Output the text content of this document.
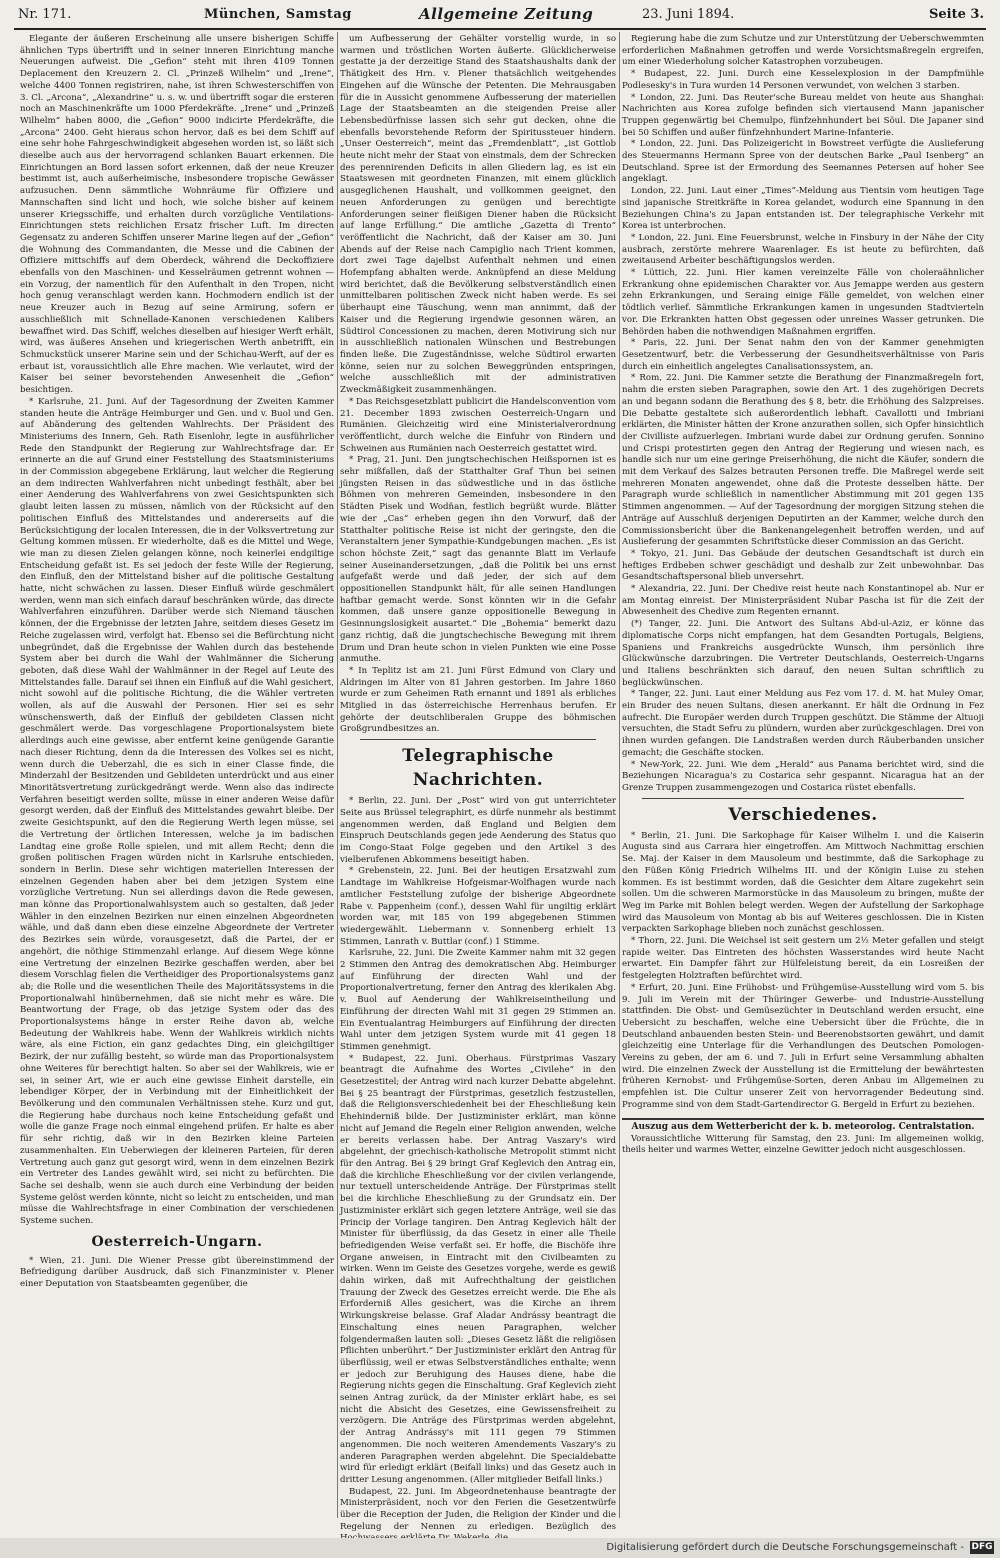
Nr. 171.	München, Samstag	Allgemeine Zeitung	23. Juni 1894.	Seite 3.

Elegante der äußeren Erscheinung alle unsere bisherigen Schiffe ähnlichen Typs übertrifft und in seiner inneren Einrichtung manche Neuerungen aufweist. Die „Gefion“ steht mit ihren 4109 Tonnen Deplacement den Kreuzern 2. Cl. „Prinzeß Wilhelm“ und „Irene“, welche 4400 Tonnen registriren, nahe, ist ihren Schwesterschiffen von 3. Cl. „Arcona“, „Alexandrine“ u. s. w. und übertrifft sogar die ersteren noch an Maschinenkräfte um 1000 Pferdekräfte. „Irene“ und „Prinzeß Wilhelm“ haben 8000, die „Gefion“ 9000 indicirte Pferdekräfte, die „Arcona“ 2400. Geht hieraus schon hervor, daß es bei dem Schiff auf eine sehr hohe Fahrgeschwindigkeit abgesehen worden ist, so läßt sich dieselbe auch aus der hervorragend schlanken Bauart erkennen. Die Einrichtungen an Bord lassen sofort erkennen, daß der neue Kreuzer bestimmt ist, auch außerheimische, insbesondere tropische Gewässer aufzusuchen. Denn sämmtliche Wohnräume für Offiziere und Mannschaften sind licht und hoch, wie solche bisher auf keinem unserer Kriegsschiffe, und erhalten durch vorzügliche Ventilations-Einrichtungen stets reichlichen Ersatz frischer Luft. Im directen Gegensatz zu anderen Schiffen unserer Marine liegen auf der „Gefion“ die Wohnung des Commandanten, die Messe und die Cabinen der Offiziere mittschiffs auf dem Oberdeck, während die Deckoffiziere ebenfalls von den Maschinen- und Kesselräumen getrennt wohnen — ein Vorzug, der namentlich für den Aufenthalt in den Tropen, nicht hoch genug veranschlagt werden kann. Hochmodern endlich ist der neue Kreuzer auch in Bezug auf seine Armirung, sofern er ausschließlich mit Schnellade-Kanonen verschiedenen Kalibers bewaffnet wird. Das Schiff, welches dieselben auf hiesiger Werft erhält, wird, was äußeres Ansehen und kriegerischen Werth anbetrifft, ein Schmuckstück unserer Marine sein und der Schichau-Werft, auf der es erbaut ist, voraussichtlich alle Ehre machen. Wie verlautet, wird der Kaiser bei seiner bevorstehenden Anwesenheit die „Gefion“ besichtigen.

* Karlsruhe, 21. Juni. Auf der Tagesordnung der Zweiten Kammer standen heute die Anträge Heimburger und Gen. und v. Buol und Gen. auf Abänderung des geltenden Wahlrechts. Der Präsident des Ministeriums des Innern, Geh. Rath Eisenlohr, legte in ausführlicher Rede den Standpunkt der Regierung zur Wahlrechtsfrage dar. Er erinnerte an die auf Grund einer Feststellung des Staatsministeriums in der Commission abgegebene Erklärung, laut welcher die Regierung an dem indirecten Wahlverfahren nicht unbedingt festhält, aber bei einer Aenderung des Wahlverfahrens von zwei Gesichtspunkten sich glaubt leiten lassen zu müssen, nämlich von der Rücksicht auf den politischen Einfluß des Mittelstandes und andererseits auf die Berücksichtigung der localen Interessen, die in der Volksvertretung zur Geltung kommen müssen. Er wiederholte, daß es die Mittel und Wege, wie man zu diesen Zielen gelangen könne, noch keinerlei endgiltige Entscheidung gefaßt ist. Es sei jedoch der feste Wille der Regierung, den Einfluß, den der Mittelstand bisher auf die politische Gestaltung hatte, nicht schwächen zu lassen. Dieser Einfluß würde geschmälert werden, wenn man sich einfach darauf beschränken würde, das directe Wahlverfahren einzuführen. Darüber werde sich Niemand täuschen können, der die Ergebnisse der letzten Jahre, seitdem dieses Gesetz im Reiche zugelassen wird, verfolgt hat. Ebenso sei die Befürchtung nicht unbegründet, daß die Ergebnisse der Wahlen durch das bestehende System aber bei durch die Wahl der Wahlmänner die Sicherung geboten, daß diese Wahl der Wahlmänner in der Regel auf Leute des Mittelstandes falle. Darauf sei ihnen ein Einfluß auf die Wahl gesichert, nicht sowohl auf die politische Richtung, die die Wähler vertreten wollen, als auf die Auswahl der Personen. Hier sei es sehr wünschenswerth, daß der Einfluß der gebildeten Classen nicht geschmälert werde. Das vorgeschlagene Proportionalsystem biete allerdings auch eine gewisse, aber entfernt keine genügende Garantie nach dieser Richtung, denn da die Interessen des Volkes sei es nicht, wenn durch die Ueberzahl, die es sich in einer Classe finde, die Minderzahl der Besitzenden und Gebildeten unterdrückt und aus einer Minoritätsvertretung zurückgedrängt werde. Wenn also das indirecte Verfahren beseitigt werden sollte, müsse in einer anderen Weise dafür gesorgt werden, daß der Einfluß des Mittelstandes gewahrt bleibe. Der zweite Gesichtspunkt, auf den die Regierung Werth legen müsse, sei die Vertretung der örtlichen Interessen, welche ja im badischen Landtag eine große Rolle spielen, und mit allem Recht; denn die großen politischen Fragen würden nicht in Karlsruhe entschieden, sondern in Berlin. Diese sehr wichtigen materiellen Interessen der einzelnen Gegenden haben aber bei dem jetzigen System eine vorzügliche Vertretung. Nun sei allerdings davon die Rede gewesen, man könne das Proportionalwahlsystem auch so gestalten, daß jeder Wähler in den einzelnen Bezirken nur einen einzelnen Abgeordneten wähle, und daß dann eben diese einzelne Abgeordnete der Vertreter des Bezirkes sein würde, vorausgesetzt, daß die Partei, der er angehört, die nöthige Stimmenzahl erlange. Auf diesem Wege könne eine Vertretung der einzelnen Bezirke geschaffen werden, aber bei diesem Vorschlag fielen die Vertheidiger des Proportionalsystems ganz ab; die Rolle und die wesentlichen Theile des Majoritätssystems in die Proportionalwahl hinübernehmen, daß sie nicht mehr es wäre. Die Beantwortung der Frage, ob das jetzige System oder das des Proportionalsystems hänge in erster Reihe davon ab, welche Bedeutung der Wahlkreis habe. Wenn der Wahlkreis wirklich nichts wäre, als eine Fiction, ein ganz gedachtes Ding, ein gleichgiltiger Bezirk, der nur zufällig besteht, so würde man das Proportionalsystem ohne Weiteres für berechtigt halten. So aber sei der Wahlkreis, wie er sei, in seiner Art, wie er auch eine gewisse Einheit darstelle, ein lebendiger Körper, der in Verbindung mit der Einheitlichkeit der Bevölkerung und den communalen Verhältnissen stehe. Kurz und gut, die Regierung habe durchaus noch keine Entscheidung gefaßt und wolle die ganze Frage noch einmal eingehend prüfen. Er halte es aber für sehr richtig, daß wir in den Bezirken kleine Parteien zusammenhalten. Ein Ueberwiegen der kleineren Parteien, für deren Vertretung auch ganz gut gesorgt wird, wenn in dem einzelnen Bezirk ein Vertreter des Landes gewählt wird, sei nicht zu befürchten. Die Sache sei deshalb, wenn sie auch durch eine Verbindung der beiden Systeme gelöst werden könnte, nicht so leicht zu entscheiden, und man müsse die Wahlrechtsfrage in einer Combination der verschiedenen Systeme suchen.

Oesterreich-Ungarn.

* Wien, 21. Juni. Die Wiener Presse gibt übereinstimmend der Befriedigung darüber Ausdruck, daß sich Finanzminister v. Plener einer Deputation von Staatsbeamten gegenüber, die

um Aufbesserung der Gehälter vorstellig wurde, in so warmen und tröstlichen Worten äußerte. Glücklicherweise gestatte ja der derzeitige Stand des Staatshaushalts dank der Thätigkeit des Hrn. v. Plener thatsächlich weitgehendes Eingehen auf die Wünsche der Petenten. Die Mehrausgaben für die in Aussicht genommene Aufbesserung der materiellen Lage der Staatsbeamten an die steigenden Preise aller Lebensbedürfnisse lassen sich sehr gut decken, ohne die ebenfalls bevorstehende Reform der Spiritussteuer hindern. „Unser Oesterreich“, meint das „Fremdenblatt“, „ist Gottlob heute nicht mehr der Staat von einstmals, dem der Schrecken des perennirenden Deficits in allen Gliedern lag, es ist ein Staatswesen mit geordneten Finanzen, mit einem glücklich ausgeglichenen Haushalt, und vollkommen geeignet, den neuen Anforderungen zu genügen und berechtigte Anforderungen seiner fleißigen Diener haben die Rücksicht auf lange Erfüllung.“ Die amtliche „Gazetta di Trento“ veröffentlicht die Nachricht, daß der Kaiser am 30. Juni Abends auf der Reise nach Campiglio nach Trient kommen, dort zwei Tage dajelbst Aufenthalt nehmen und einen Hofempfang abhalten werde. Anknüpfend an diese Meldung wird berichtet, daß die Bevölkerung selbstverständlich einen unmittelbaren politischen Zweck nicht haben werde. Es sei überhaupt eine Täuschung, wenn man annimmt, daß der Kaiser und die Regierung irgendwie gesonnen wären, an Südtirol Concessionen zu machen, deren Motivirung sich nur in ausschließlich nationalen Wünschen und Bestrebungen finden ließe. Die Zugeständnisse, welche Südtirol erwarten könne, seien nur zu solchen Beweggründen entspringen, welche ausschließlich mit der administrativen Zweckmäßigkeit zusammenhängen.

* Das Reichsgesetzblatt publicirt die Handelsconvention vom 21. December 1893 zwischen Oesterreich-Ungarn und Rumänien. Gleichzeitig wird eine Ministerialverordnung veröffentlicht, durch welche die Einfuhr von Rindern und Schweinen aus Rumänien nach Oesterreich gestattet wird.

* Prag, 21. Juni. Den jungtschechischen Heißspornen ist es sehr mißfallen, daß der Statthalter Graf Thun bei seinen jüngsten Reisen in das südwestliche und in das östliche Böhmen von mehreren Gemeinden, insbesondere in den Städten Pisek und Wodňan, festlich begrüßt wurde. Blätter wie der „Cas“ erheben gegen ihn den Vorwurf, daß der Statthalter politische Reise ist nicht der geringste, den die Veranstaltern jener Sympathie-Kundgebungen machen. „Es ist schon höchste Zeit,“ sagt das genannte Blatt im Verlaufe seiner Auseinandersetzungen, „daß die Politik bei uns ernst aufgefaßt werde und daß jeder, der sich auf dem oppositionellen Standpunkt hält, für alle seinen Handlungen haftbar gemacht werde. Sonst könnten wir in die Gefahr kommen, daß unsere ganze oppositionelle Bewegung in Gesinnungslosigkeit ausartet.“ Die „Bohemia“ bemerkt dazu ganz richtig, daß die jungtschechische Bewegung mit ihrem Drum und Dran heute schon in vielen Punkten wie eine Posse anmuthe.

* In Teplitz ist am 21. Juni Fürst Edmund von Clary und Aldringen im Alter von 81 Jahren gestorben. Im Jahre 1860 wurde er zum Geheimen Rath ernannt und 1891 als erbliches Mitglied in das österreichische Herrenhaus berufen. Er gehörte der deutschliberalen Gruppe des böhmischen Großgrundbesitzes an.

Telegraphische Nachrichten.

* Berlin, 22. Juni. Der „Post“ wird von gut unterrichteter Seite aus Brüssel telegraphirt, es dürfe nunmehr als bestimmt angenommen werden, daß England und Belgien dem Einspruch Deutschlands gegen jede Aenderung des Status quo im Congo-Staat Folge gegeben und den Artikel 3 des vielberufenen Abkommens beseitigt haben.

* Grebenstein, 22. Juni. Bei der heutigen Ersatzwahl zum Landtage im Wahlkreise Hofgeismar-Wolfhagen wurde nach amtlicher Feststellung zufolge der bisherige Abgeordnete Rabe v. Pappenheim (conf.), dessen Wahl für ungiltig erklärt worden war, mit 185 von 199 abgegebenen Stimmen wiedergewählt. Liebermann v. Sonnenberg erhielt 13 Stimmen, Lanrath v. Buttlar (conf.) 1 Stimme.

Karlsruhe, 22. Juni. Die Zweite Kammer nahm mit 32 gegen 2 Stimmen den Antrag des demokratischen Abg. Heimburger auf Einführung der directen Wahl und der Proportionalvertretung, ferner den Antrag des klerikalen Abg. v. Buol auf Aenderung der Wahlkreiseintheilung und Einführung der directen Wahl mit 31 gegen 29 Stimmen an. Ein Eventualantrag Heimburgers auf Einführung der directen Wahl unter dem jetzigen System wurde mit 41 gegen 18 Stimmen genehmigt.

* Budapest, 22. Juni. Oberhaus. Fürstprimas Vaszary beantragt die Aufnahme des Wortes „Civilehe“ in den Gesetzestitel; der Antrag wird nach kurzer Debatte abgelehnt. Bei § 25 beantragt der Fürstprimas, gesetzlich festzustellen, daß die Religionsverschiedenheit bei der Eheschließung kein Ehehinderniß bilde. Der Justizminister erklärt, man könne nicht auf Jemand die Regeln einer Religion anwenden, welche er bereits verlassen habe. Der Antrag Vaszary's wird abgelehnt, der griechisch-katholische Metropolit stimmt nicht für den Antrag. Bei § 29 bringt Graf Keglevich den Antrag ein, daß die kirchliche Eheschließung vor der civilen verlangende, nur textuell unterscheidende Anträge. Der Fürstprimas stellt bei die kirchliche Eheschließung zu der Grundsatz ein. Der Justizminister erklärt sich gegen letztere Anträge, weil sie das Princip der Vorlage tangiren. Den Antrag Keglevich hält der Minister für überflüssig, da das Gesetz in einer alle Theile befriedigenden Weise verfaßt sei. Er hoffe, die Bischöfe ihre Organe anweisen, in Eintracht mit den Civilbeamten zu wirken. Wenn im Geiste des Gesetzes vorgehe, werde es gewiß dahin wirken, daß mit Aufrechthaltung der geistlichen Trauung der Zweck des Gesetzes erreicht werde. Die Ehe als Erforderniß Alles gesichert, was die Kirche an ihrem Wirkungskreise belasse. Graf Aladar Andrássy beantragt die Einschaltung eines neuen Paragraphen, welcher folgendermaßen lauten soll: „Dieses Gesetz läßt die religiösen Pflichten unberührt.“ Der Justizminister erklärt den Antrag für überflüssig, weil er etwas Selbstverständliches enthalte; wenn er jedoch zur Beruhigung des Hauses diene, habe die Regierung nichts gegen die Einschaltung. Graf Keglevich zieht seinen Antrag zurück, da der Minister erklärt habe, es sei nicht die Absicht des Gesetzes, eine Gewissensfreiheit zu verzögern. Die Anträge des Fürstprimas werden abgelehnt, der Antrag Andrássy's mit 111 gegen 79 Stimmen angenommen. Die noch weiteren Amendements Vaszary's zu anderen Paragraphen werden abgelehnt. Die Specialdebatte wird für erledigt erklärt (Beifall links) und das Gesetz auch in dritter Lesung angenommen. (Aller mitglieder Beifall links.)

Budapest, 22. Juni. Im Abgeordnetenhause beantragte der Ministerpräsident, noch vor den Ferien die Gesetzentwürfe über die Reception der Juden, die Religion der Kinder und die Regelung der Nennen zu erledigen. Bezüglich des

Regierung habe die zum Schutze und zur Unterstützung der Ueberschwemmten erforderlichen Maßnahmen getroffen und werde Vorsichtsmaßregeln ergreifen, um einer Wiederholung solcher Katastrophen vorzubeugen.

* Budapest, 22. Juni. Durch eine Kesselexplosion in der Dampfmühle Podlesesky's in Tura wurden 14 Personen verwundet, von welchen 3 starben.

* London, 22. Juni. Das Reuter'sche Bureau meldet von heute aus Shanghai: Nachrichten aus Korea zufolge befinden sich viertausend Mann japanischer Truppen gegenwärtig bei Chemulpo, fünfzehnhundert bei Söul. Die Japaner sind bei 50 Schiffen und außer fünfzehnhundert Marine-Infanterie.

* London, 22. Juni. Das Polizeigericht in Bowstreet verfügte die Auslieferung des Steuermanns Hermann Spree von der deutschen Barke „Paul Isenberg“ an Deutschland. Spree ist der Ermordung des Seemannes Petersen auf hoher See angeklagt.

London, 22. Juni. Laut einer „Times“-Meldung aus Tientsin vom heutigen Tage sind japanische Streitkräfte in Korea gelandet, wodurch eine Spannung in den Beziehungen China's zu Japan entstanden ist. Der telegraphische Verkehr mit Korea ist unterbrochen.

* London, 22. Juni. Eine Feuersbrunst, welche in Finsbury in der Nähe der City ausbrach, zerstörte mehrere Waarenlager. Es ist heute zu befürchten, daß zweitausend Arbeiter beschäftigungslos werden.

* Lüttich, 22. Juni. Hier kamen vereinzelte Fälle von choleraähnlicher Erkrankung ohne epidemischen Charakter vor. Aus Jemappe werden aus gestern zehn Erkrankungen, und Seraing einige Fälle gemeldet, von welchen einer tödtlich verlief. Sämmtliche Erkrankungen kamen in ungesunden Stadtvierteln vor. Die Erkrankten hatten Obst gegessen oder unreines Wasser getrunken. Die Behörden haben die nothwendigen Maßnahmen ergriffen.

* Paris, 22. Juni. Der Senat nahm den von der Kammer genehmigten Gesetzentwurf, betr. die Verbesserung der Gesundheitsverhältnisse von Paris durch ein einheitlich angelegtes Canalisationssystem, an.

* Rom, 22. Juni. Die Kammer setzte die Berathung der Finanzmaßregeln fort, nahm die ersten sieben Paragraphen, sowie den Art. 1 des zugehörigen Decrets an und begann sodann die Berathung des § 8, betr. die Erhöhung des Salzpreises. Die Debatte gestaltete sich außerordentlich lebhaft. Cavallotti und Imbriani erklärten, die Minister hätten der Krone anzurathen sollen, sich Opfer hinsichtlich der Civilliste aufzuerlegen. Imbriani wurde dabei zur Ordnung gerufen. Sonnino und Crispi protestirten gegen den Antrag der Regierung und wiesen nach, es handle sich nur um eine geringe Preiserhöhung, die nicht die Käufer, sondern die mit dem Verkauf des Salzes betrauten Personen treffe. Die Maßregel werde seit mehreren Monaten angewendet, ohne daß die Proteste desselben hätte. Der Paragraph wurde schließlich in namentlicher Abstimmung mit 201 gegen 135 Stimmen angenommen. — Auf der Tagesordnung der morgigen Sitzung stehen die Anträge auf Ausschluß derjenigen Deputirten an der Kammer, welche durch den Commissionsbericht über die Bankenangelegenheit betroffen werden, und auf Auslieferung der gesammten Schriftstücke dieser Commission an das Gericht.

* Tokyo, 21. Juni. Das Gebäude der deutschen Gesandtschaft ist durch ein heftiges Erdbeben schwer geschädigt und deshalb zur Zeit unbewohnbar. Das Gesandtschaftspersonal blieb unversehrt.

* Alexandria, 22. Juni. Der Chedive reist heute nach Konstantinopel ab. Nur er am Montag einreist. Der Ministerpräsident Nubar Pascha ist für die Zeit der Abwesenheit des Chedive zum Regenten ernannt.

(*) Tanger, 22. Juni. Die Antwort des Sultans Abd-ul-Aziz, er könne das diplomatische Corps nicht empfangen, hat dem Gesandten Portugals, Belgiens, Spaniens und Frankreichs ausgedrückte Wunsch, ihm persönlich ihre Glückwünsche darzubringen. Die Vertreter Deutschlands, Oesterreich-Ungarns und Italiens beschränkten sich darauf, den neuen Sultan schriftlich zu beglückwünschen.

* Tanger, 22. Juni. Laut einer Meldung aus Fez vom 17. d. M. hat Muley Omar, ein Bruder des neuen Sultans, diesen anerkannt. Er hält die Ordnung in Fez aufrecht. Die Europäer werden durch Truppen geschützt. Die Stämme der Altuoji versuchten, die Stadt Sefru zu plündern, wurden aber zurückgeschlagen. Drei von ihnen wurden gefangen. Die Landstraßen werden durch Räuberbanden unsicher gemacht; die Geschäfte stocken.

* New-York, 22. Juni. Wie dem „Herald“ aus Panama berichtet wird, sind die Beziehungen Nicaragua's zu Costarica sehr gespannt. Nicaragua hat an der Grenze Truppen zusammengezogen und Costarica rüstet ebenfalls.

Verschiedenes.

* Berlin, 21. Juni. Die Sarkophage für Kaiser Wilhelm I. und die Kaiserin Augusta sind aus Carrara hier eingetroffen. Am Mittwoch Nachmittag erschien Se. Maj. der Kaiser in dem Mausoleum und bestimmte, daß die Sarkophage zu den Füßen König Friedrich Wilhelms III. und der Königin Luise zu stehen kommen. Es ist bestimmt worden, daß die Gesichter dem Altare zugekehrt sein sollen. Um die schweren Marmorstücke in das Mausoleum zu bringen, mußte der Weg im Parke mit Bohlen belegt werden. Wegen der Aufstellung der Sarkophage wird das Mausoleum von Montag ab bis auf Weiteres geschlossen. Die in Kisten verpackten Sarkophage blieben noch zunächst geschlossen.

* Thorn, 22. Juni. Die Weichsel ist seit gestern um 2½ Meter gefallen und steigt rapide weiter. Das Eintreten des höchsten Wasserstandes wird heute Nacht erwartet. Ein Dampfer fährt zur Hülfeleistung bereit, da ein Losreißen der festgelegten Holztraften befürchtet wird.

* Erfurt, 20. Juni. Eine Frühobst- und Frühgemüse-Ausstellung wird vom 5. bis 9. Juli im Verein mit der Thüringer Gewerbe- und Industrie-Ausstellung stattfinden. Die Obst- und Gemüsezüchter in Deutschland werden ersucht, eine Uebersicht zu beschaffen, welche eine Uebersicht über die Früchte, die in Deutschland anbauenden besten Stein- und Beerenobstsorten gewährt, und damit gleichzeitig eine Unterlage für die Verhandlungen des Deutschen Pomologen-Vereins zu geben, der am 6. und 7. Juli in Erfurt seine Versammlung abhalten wird. Die einzelnen Zweck der Ausstellung ist die Ermittelung der bewährtesten früheren Kernobst- und Frühgemüse-Sorten, deren Anbau im Allgemeinen zu empfehlen ist. Die Cultur unserer Zeit von hervorragender Bedeutung sind. Programme sind von dem Stadt-Gartendirector G. Bergeld in Erfurt zu beziehen.

Auszug aus dem Wetterbericht der k. b. meteorolog. Centralstation.

Voraussichtliche Witterung für Samstag, den 23. Juni: Im allgemeinen wolkig, theils heiter und warmes Wetter, einzelne Gewitter jedoch nicht ausgeschlossen.

Digitalisierung gefördert durch die Deutsche Forschungsgemeinschaft - DFG
